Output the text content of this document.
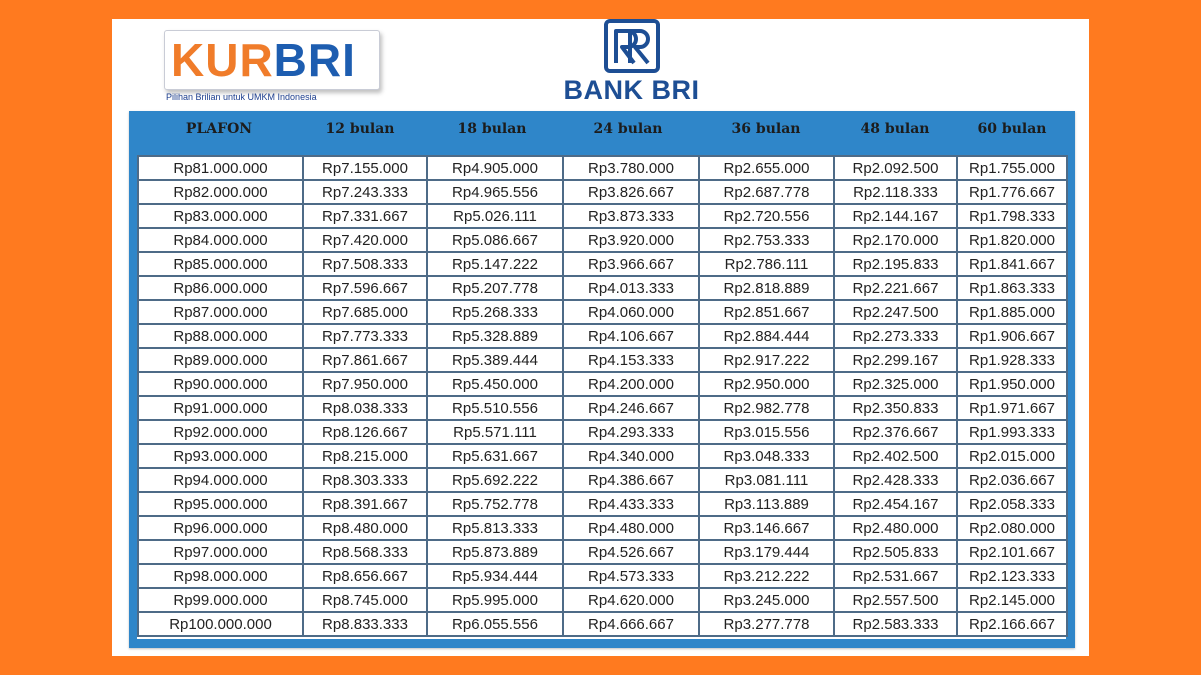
KURBRI
Pilihan Brilian untuk UMKM Indonesia	BANK BRI
PLAFON	12 bulan	18 bulan	24 bulan	36 bulan	48 bulan	60 bulan
Rp81.000.000	Rp7.155.000	Rp4.905.000	Rp3.780.000	Rp2.655.000	Rp2.092.500	Rp1.755.000
Rp82.000.000	Rp7.243.333	Rp4.965.556	Rp3.826.667	Rp2.687.778	Rp2.118.333	Rp1.776.667
Rp83.000.000	Rp7.331.667	Rp5.026.111	Rp3.873.333	Rp2.720.556	Rp2.144.167	Rp1.798.333
Rp84.000.000	Rp7.420.000	Rp5.086.667	Rp3.920.000	Rp2.753.333	Rp2.170.000	Rp1.820.000
Rp85.000.000	Rp7.508.333	Rp5.147.222	Rp3.966.667	Rp2.786.111	Rp2.195.833	Rp1.841.667
Rp86.000.000	Rp7.596.667	Rp5.207.778	Rp4.013.333	Rp2.818.889	Rp2.221.667	Rp1.863.333
Rp87.000.000	Rp7.685.000	Rp5.268.333	Rp4.060.000	Rp2.851.667	Rp2.247.500	Rp1.885.000
Rp88.000.000	Rp7.773.333	Rp5.328.889	Rp4.106.667	Rp2.884.444	Rp2.273.333	Rp1.906.667
Rp89.000.000	Rp7.861.667	Rp5.389.444	Rp4.153.333	Rp2.917.222	Rp2.299.167	Rp1.928.333
Rp90.000.000	Rp7.950.000	Rp5.450.000	Rp4.200.000	Rp2.950.000	Rp2.325.000	Rp1.950.000
Rp91.000.000	Rp8.038.333	Rp5.510.556	Rp4.246.667	Rp2.982.778	Rp2.350.833	Rp1.971.667
Rp92.000.000	Rp8.126.667	Rp5.571.111	Rp4.293.333	Rp3.015.556	Rp2.376.667	Rp1.993.333
Rp93.000.000	Rp8.215.000	Rp5.631.667	Rp4.340.000	Rp3.048.333	Rp2.402.500	Rp2.015.000
Rp94.000.000	Rp8.303.333	Rp5.692.222	Rp4.386.667	Rp3.081.111	Rp2.428.333	Rp2.036.667
Rp95.000.000	Rp8.391.667	Rp5.752.778	Rp4.433.333	Rp3.113.889	Rp2.454.167	Rp2.058.333
Rp96.000.000	Rp8.480.000	Rp5.813.333	Rp4.480.000	Rp3.146.667	Rp2.480.000	Rp2.080.000
Rp97.000.000	Rp8.568.333	Rp5.873.889	Rp4.526.667	Rp3.179.444	Rp2.505.833	Rp2.101.667
Rp98.000.000	Rp8.656.667	Rp5.934.444	Rp4.573.333	Rp3.212.222	Rp2.531.667	Rp2.123.333
Rp99.000.000	Rp8.745.000	Rp5.995.000	Rp4.620.000	Rp3.245.000	Rp2.557.500	Rp2.145.000
Rp100.000.000	Rp8.833.333	Rp6.055.556	Rp4.666.667	Rp3.277.778	Rp2.583.333	Rp2.166.667
